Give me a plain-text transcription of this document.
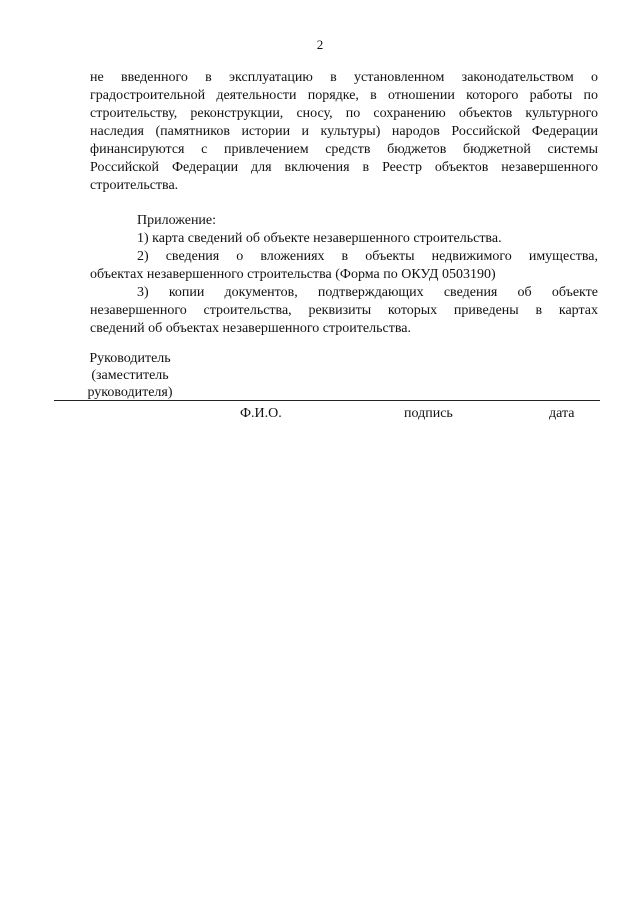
2
не введенного в эксплуатацию в установленном законодательством о
градостроительной деятельности порядке, в отношении которого работы по
строительству, реконструкции, сносу, по сохранению объектов культурного
наследия (памятников истории и культуры) народов Российской Федерации
финансируются с привлечением средств бюджетов бюджетной системы
Российской Федерации для включения в Реестр объектов незавершенного
строительства.
Приложение:
1) карта сведений об объекте незавершенного строительства.
2) сведения о вложениях в объекты недвижимого имущества,
объектах незавершенного строительства (Форма по ОКУД 0503190)
3) копии документов, подтверждающих сведения об объекте
незавершенного строительства, реквизиты которых приведены в картах
сведений об объектах незавершенного строительства.
Руководитель
(заместитель
руководителя)
Ф.И.О.	подпись	дата
